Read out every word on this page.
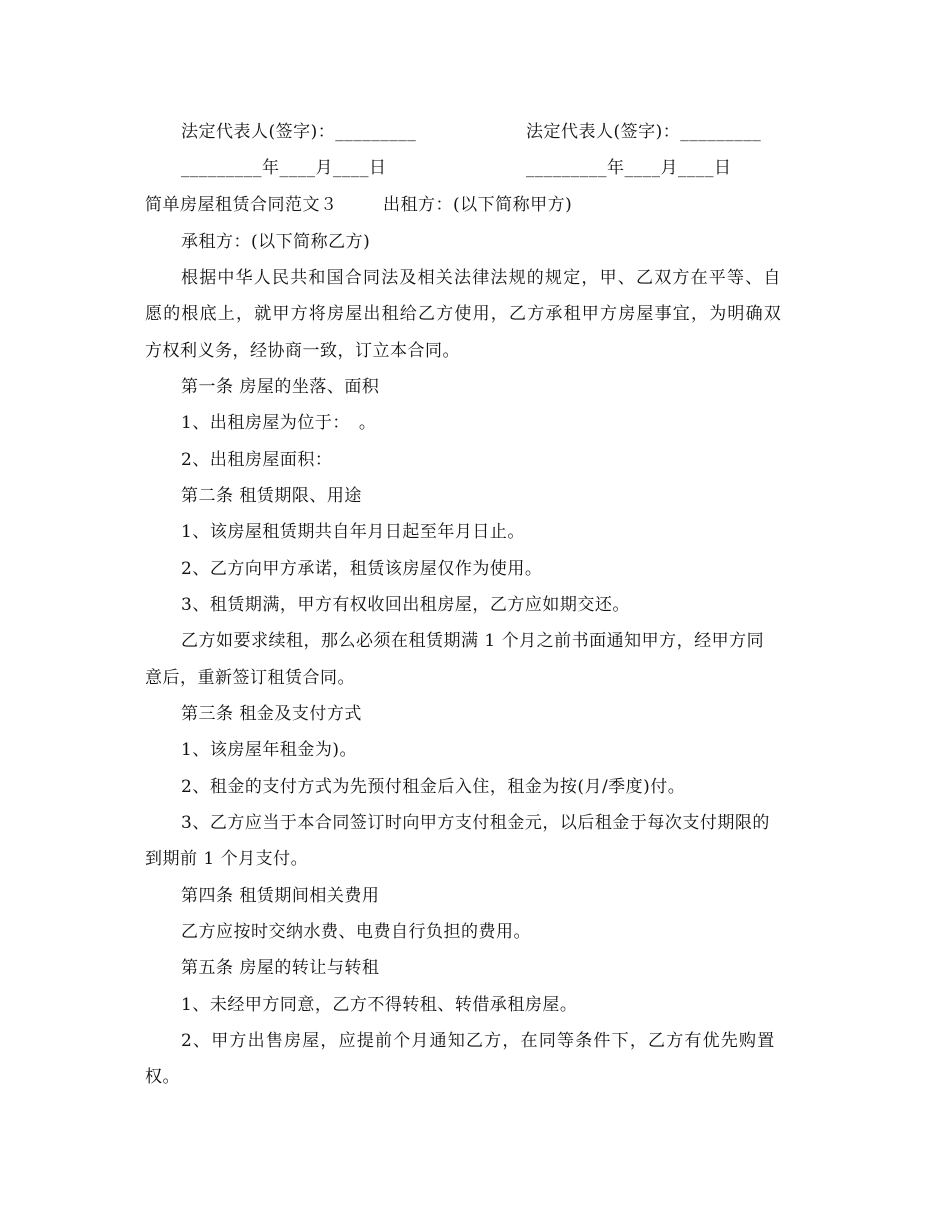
法定代表人(签字)：_________	法定代表人(签字)：_________
_________年____月____日	_________年____月____日
简单房屋租赁合同范文３	出租方：(以下简称甲方)
承租方：(以下简称乙方)
根据中华人民共和国合同法及相关法律法规的规定，甲、乙双方在平等、自
愿的根底上，就甲方将房屋出租给乙方使用，乙方承租甲方房屋事宜，为明确双
方权利义务，经协商一致，订立本合同。
第一条 房屋的坐落、面积
1、出租房屋为位于：　。
2、出租房屋面积：
第二条 租赁期限、用途
1、该房屋租赁期共自年月日起至年月日止。
2、乙方向甲方承诺，租赁该房屋仅作为使用。
3、租赁期满，甲方有权收回出租房屋，乙方应如期交还。
乙方如要求续租，那么必须在租赁期满 1 个月之前书面通知甲方，经甲方同
意后，重新签订租赁合同。
第三条 租金及支付方式
1、该房屋年租金为)。
2、租金的支付方式为先预付租金后入住，租金为按(月/季度)付。
3、乙方应当于本合同签订时向甲方支付租金元，以后租金于每次支付期限的
到期前 1 个月支付。
第四条 租赁期间相关费用
乙方应按时交纳水费、电费自行负担的费用。
第五条 房屋的转让与转租
1、未经甲方同意，乙方不得转租、转借承租房屋。
2、甲方出售房屋，应提前个月通知乙方，在同等条件下，乙方有优先购置
权。
